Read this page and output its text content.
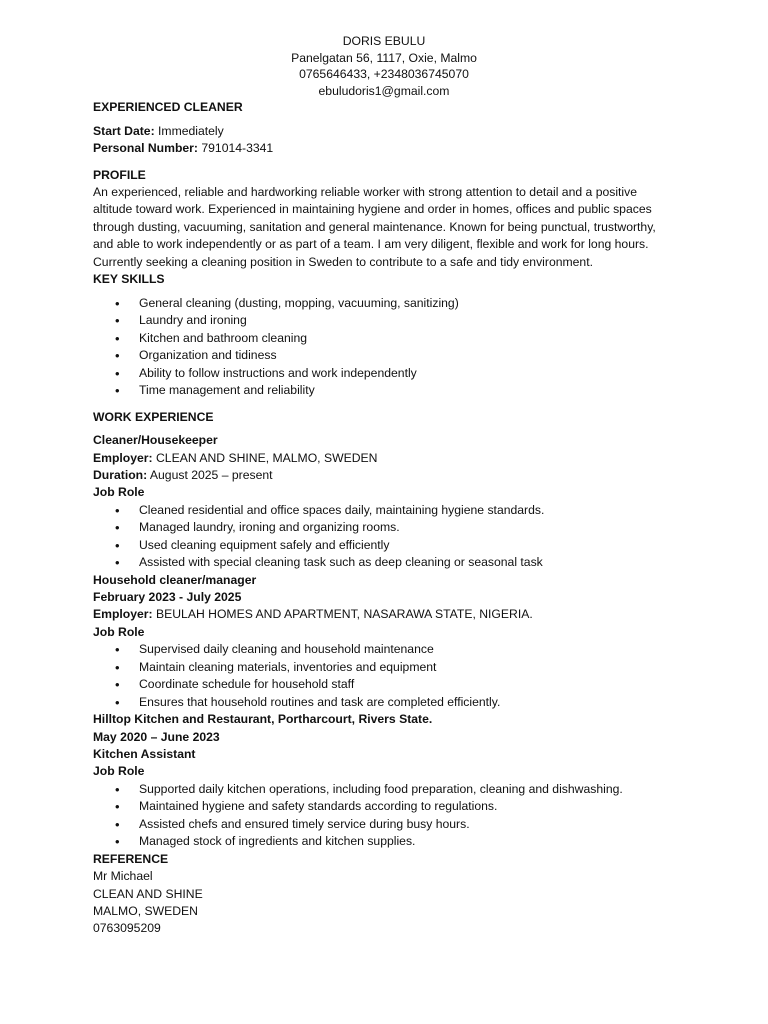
DORIS EBULU
Panelgatan 56, 1117, Oxie, Malmo
0765646433, +2348036745070
ebuludoris1@gmail.com
EXPERIENCED CLEANER
Start Date: Immediately
Personal Number: 791014-3341
PROFILE
An experienced, reliable and hardworking reliable worker with strong attention to detail and a positive altitude toward work. Experienced in maintaining hygiene and order in homes, offices and public spaces through dusting, vacuuming, sanitation and general maintenance. Known for being punctual, trustworthy, and able to work independently or as part of a team. I am very diligent, flexible and work for long hours.
Currently seeking a cleaning position in Sweden to contribute to a safe and tidy environment.
KEY SKILLS
• General cleaning (dusting, mopping, vacuuming, sanitizing)
• Laundry and ironing
• Kitchen and bathroom cleaning
• Organization and tidiness
• Ability to follow instructions and work independently
• Time management and reliability
WORK EXPERIENCE
Cleaner/Housekeeper
Employer: CLEAN AND SHINE, MALMO, SWEDEN
Duration: August 2025 – present
Job Role
• Cleaned residential and office spaces daily, maintaining hygiene standards.
• Managed laundry, ironing and organizing rooms.
• Used cleaning equipment safely and efficiently
• Assisted with special cleaning task such as deep cleaning or seasonal task
Household cleaner/manager
February 2023 - July 2025
Employer: BEULAH HOMES AND APARTMENT, NASARAWA STATE, NIGERIA.
Job Role
• Supervised daily cleaning and household maintenance
• Maintain cleaning materials, inventories and equipment
• Coordinate schedule for household staff
• Ensures that household routines and task are completed efficiently.
Hilltop Kitchen and Restaurant, Portharcourt, Rivers State.
May 2020 – June 2023
Kitchen Assistant
Job Role
• Supported daily kitchen operations, including food preparation, cleaning and dishwashing.
• Maintained hygiene and safety standards according to regulations.
• Assisted chefs and ensured timely service during busy hours.
• Managed stock of ingredients and kitchen supplies.
REFERENCE
Mr Michael
CLEAN AND SHINE
MALMO, SWEDEN
0763095209
